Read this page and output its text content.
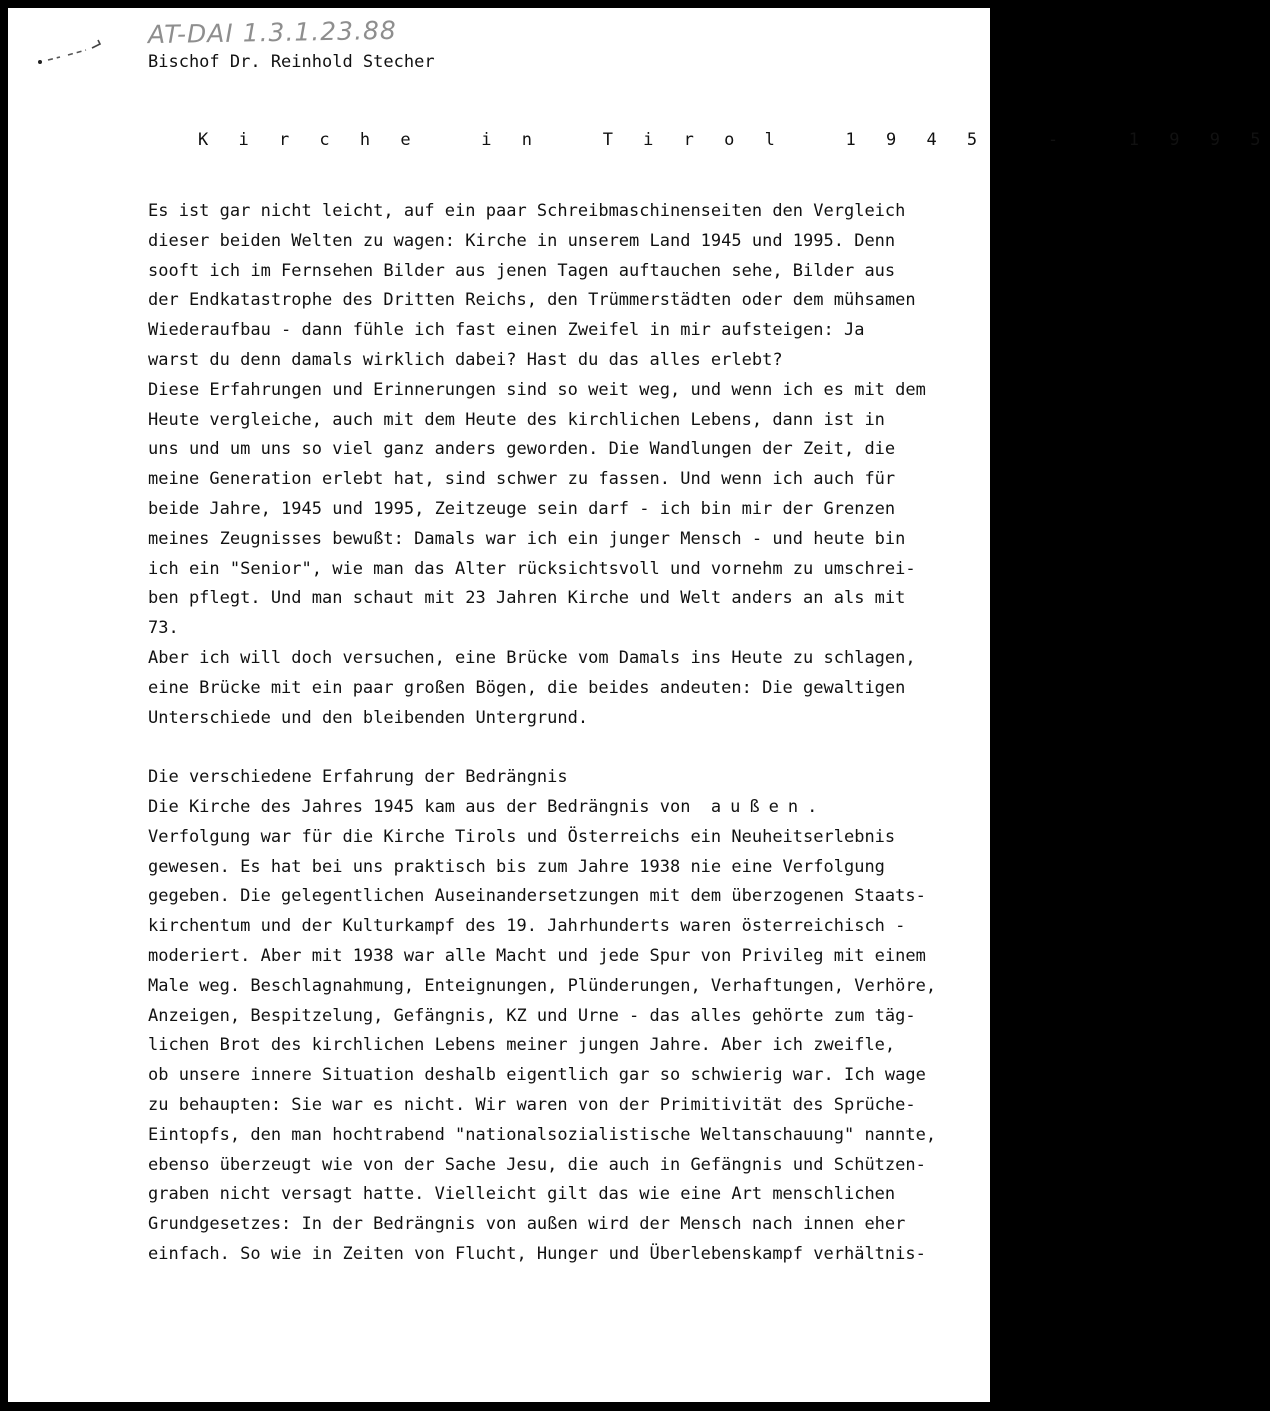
AT-DAI 1.3.1.23.88
Bischof Dr. Reinhold Stecher
K i r c h e   i n   T i r o l   1 9 4 5   -   1 9 9 5
Es ist gar nicht leicht, auf ein paar Schreibmaschinenseiten den Vergleich
dieser beiden Welten zu wagen: Kirche in unserem Land 1945 und 1995. Denn
sooft ich im Fernsehen Bilder aus jenen Tagen auftauchen sehe, Bilder aus
der Endkatastrophe des Dritten Reichs, den Trümmerstädten oder dem mühsamen
Wiederaufbau - dann fühle ich fast einen Zweifel in mir aufsteigen: Ja
warst du denn damals wirklich dabei? Hast du das alles erlebt?
Diese Erfahrungen und Erinnerungen sind so weit weg, und wenn ich es mit dem
Heute vergleiche, auch mit dem Heute des kirchlichen Lebens, dann ist in
uns und um uns so viel ganz anders geworden. Die Wandlungen der Zeit, die
meine Generation erlebt hat, sind schwer zu fassen. Und wenn ich auch für
beide Jahre, 1945 und 1995, Zeitzeuge sein darf - ich bin mir der Grenzen
meines Zeugnisses bewußt: Damals war ich ein junger Mensch - und heute bin
ich ein "Senior", wie man das Alter rücksichtsvoll und vornehm zu umschrei-
ben pflegt. Und man schaut mit 23 Jahren Kirche und Welt anders an als mit
73.
Aber ich will doch versuchen, eine Brücke vom Damals ins Heute zu schlagen,
eine Brücke mit ein paar großen Bögen, die beides andeuten: Die gewaltigen
Unterschiede und den bleibenden Untergrund.
Die verschiedene Erfahrung der Bedrängnis
Die Kirche des Jahres 1945 kam aus der Bedrängnis von  außen.
Verfolgung war für die Kirche Tirols und Österreichs ein Neuheitserlebnis
gewesen. Es hat bei uns praktisch bis zum Jahre 1938 nie eine Verfolgung
gegeben. Die gelegentlichen Auseinandersetzungen mit dem überzogenen Staats-
kirchentum und der Kulturkampf des 19. Jahrhunderts waren österreichisch -
moderiert. Aber mit 1938 war alle Macht und jede Spur von Privileg mit einem
Male weg. Beschlagnahmung, Enteignungen, Plünderungen, Verhaftungen, Verhöre,
Anzeigen, Bespitzelung, Gefängnis, KZ und Urne - das alles gehörte zum täg-
lichen Brot des kirchlichen Lebens meiner jungen Jahre. Aber ich zweifle,
ob unsere innere Situation deshalb eigentlich gar so schwierig war. Ich wage
zu behaupten: Sie war es nicht. Wir waren von der Primitivität des Sprüche-
Eintopfs, den man hochtrabend "nationalsozialistische Weltanschauung" nannte,
ebenso überzeugt wie von der Sache Jesu, die auch in Gefängnis und Schützen-
graben nicht versagt hatte. Vielleicht gilt das wie eine Art menschlichen
Grundgesetzes: In der Bedrängnis von außen wird der Mensch nach innen eher
einfach. So wie in Zeiten von Flucht, Hunger und Überlebenskampf verhältnis-
